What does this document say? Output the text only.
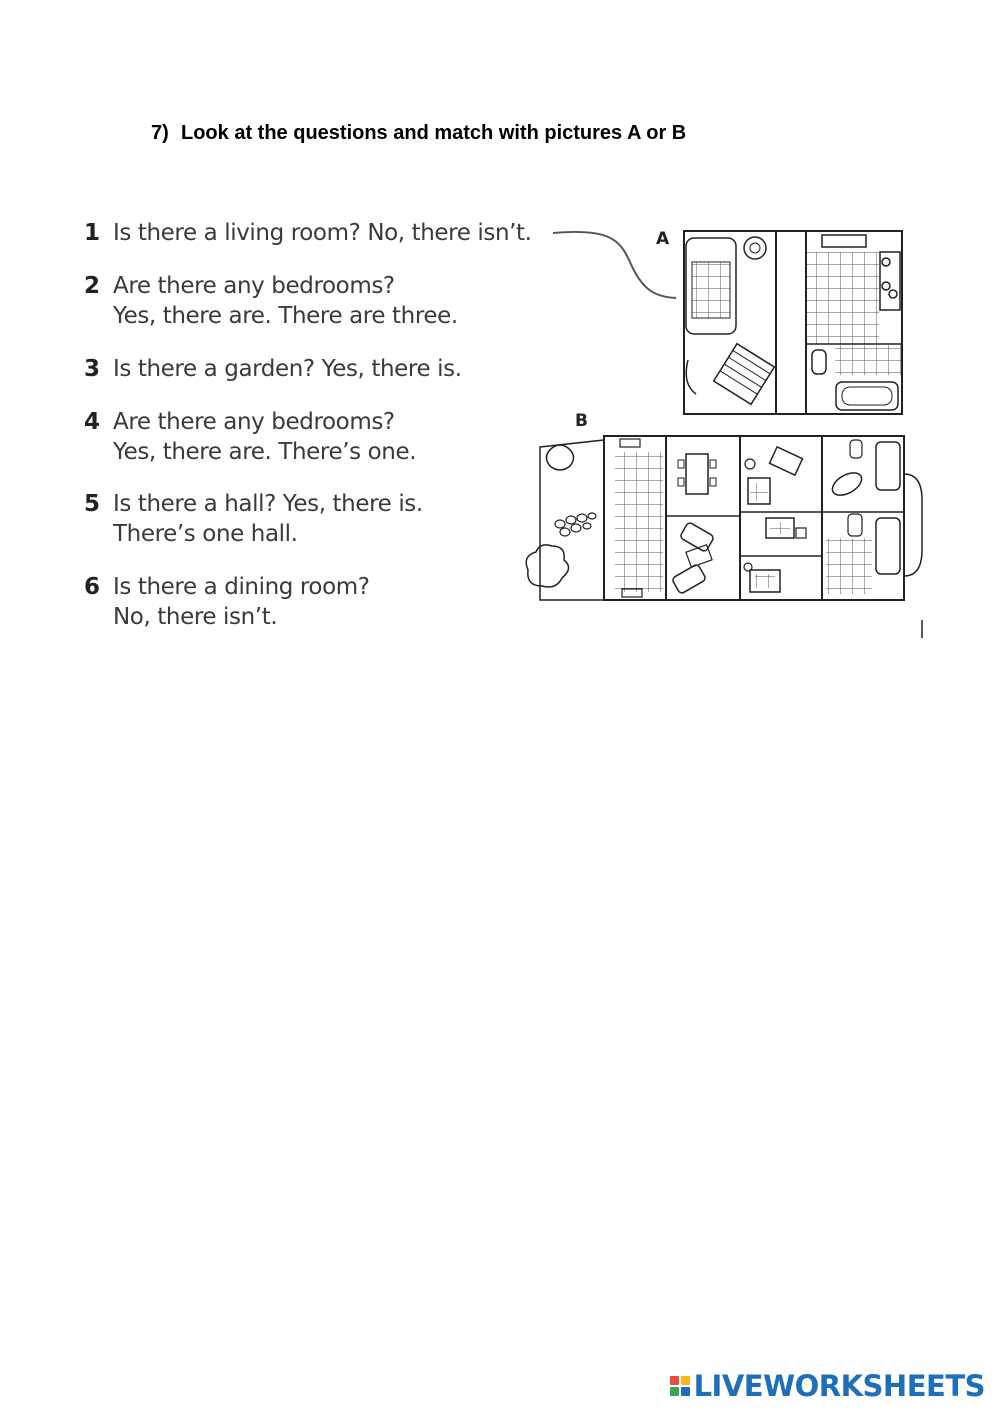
7) Look at the questions and match with pictures A or B
1 Is there a living room? No, there isn’t.
2 Are there any bedrooms?
Yes, there are. There are three.
3 Is there a garden? Yes, there is.
4 Are there any bedrooms?
Yes, there are. There’s one.
5 Is there a hall? Yes, there is.
There’s one hall.
6 Is there a dining room?
No, there isn’t.
A
B
LIVEWORKSHEETS
